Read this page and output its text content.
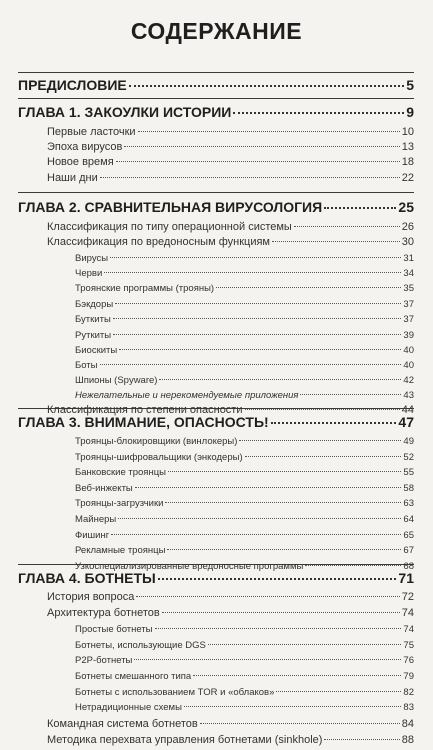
СОДЕРЖАНИЕ
ПРЕДИСЛОВИЕ	5
ГЛАВА 1. ЗАКОУЛКИ ИСТОРИИ	9
Первые ласточки	10
Эпоха вирусов	13
Новое время	18
Наши дни	22
ГЛАВА 2. СРАВНИТЕЛЬНАЯ ВИРУСОЛОГИЯ	25
Классификация по типу операционной системы	26
Классификация по вредоносным функциям	30
Вирусы	31
Черви	34
Троянские программы (трояны)	35
Бэкдоры	37
Буткиты	37
Руткиты	39
Биоскиты	40
Боты	40
Шпионы (Spyware)	42
Нежелательные и нерекомендуемые приложения	43
Классификация по степени опасности	44
ГЛАВА 3. ВНИМАНИЕ, ОПАСНОСТЬ!	47
Троянцы-блокировщики (винлокеры)	49
Троянцы-шифровальщики (энкодеры)	52
Банковские троянцы	55
Веб-инжекты	58
Троянцы-загрузчики	63
Майнеры	64
Фишинг	65
Рекламные троянцы	67
Узкоспециализированные вредоносные программы	68
ГЛАВА 4. БОТНЕТЫ	71
История вопроса	72
Архитектура ботнетов	74
Простые ботнеты	74
Ботнеты, использующие DGS	75
P2P-ботнеты	76
Ботнеты смешанного типа	79
Ботнеты с использованием TOR и «облаков»	82
Нетрадиционные схемы	83
Командная система ботнетов	84
Методика перехвата управления ботнетами (sinkhole)	88
